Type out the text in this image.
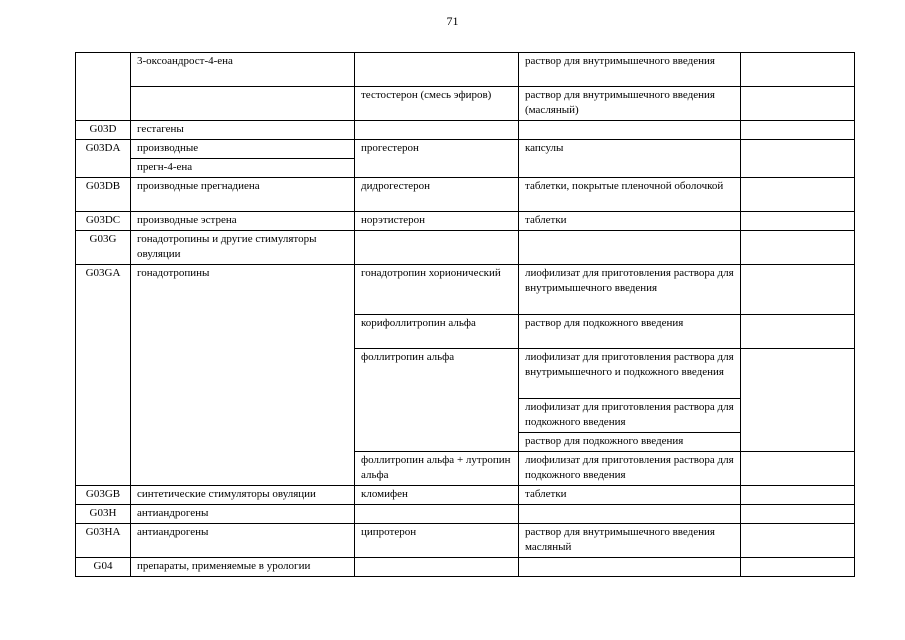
71
	3-оксоандрост-4-ена		раствор для внутримышечного введения	
		тестостерон (смесь эфиров)	раствор для внутримышечного введения (масляный)	
G03D	гестагены			
G03DA	производные	прогестерон	капсулы	
	прегн-4-ена			
G03DB	производные прегнадиена	дидрогестерон	таблетки, покрытые пленочной оболочкой	
G03DC	производные эстрена	норэтистерон	таблетки	
G03G	гонадотропины и другие стимуляторы овуляции			
G03GA	гонадотропины	гонадотропин хорионический	лиофилизат для приготовления раствора для внутримышечного введения	
		корифоллитропин альфа	раствор для подкожного введения	
		фоллитропин альфа	лиофилизат для приготовления раствора для внутримышечного и подкожного введения	
			лиофилизат для приготовления раствора для подкожного введения	
			раствор для подкожного введения	
		фоллитропин альфа + лутропин альфа	лиофилизат для приготовления раствора для подкожного введения	
G03GB	синтетические стимуляторы овуляции	кломифен	таблетки	
G03H	антиандрогены			
G03HA	антиандрогены	ципротерон	раствор для внутримышечного введения масляный	
G04	препараты, применяемые в урологии			
